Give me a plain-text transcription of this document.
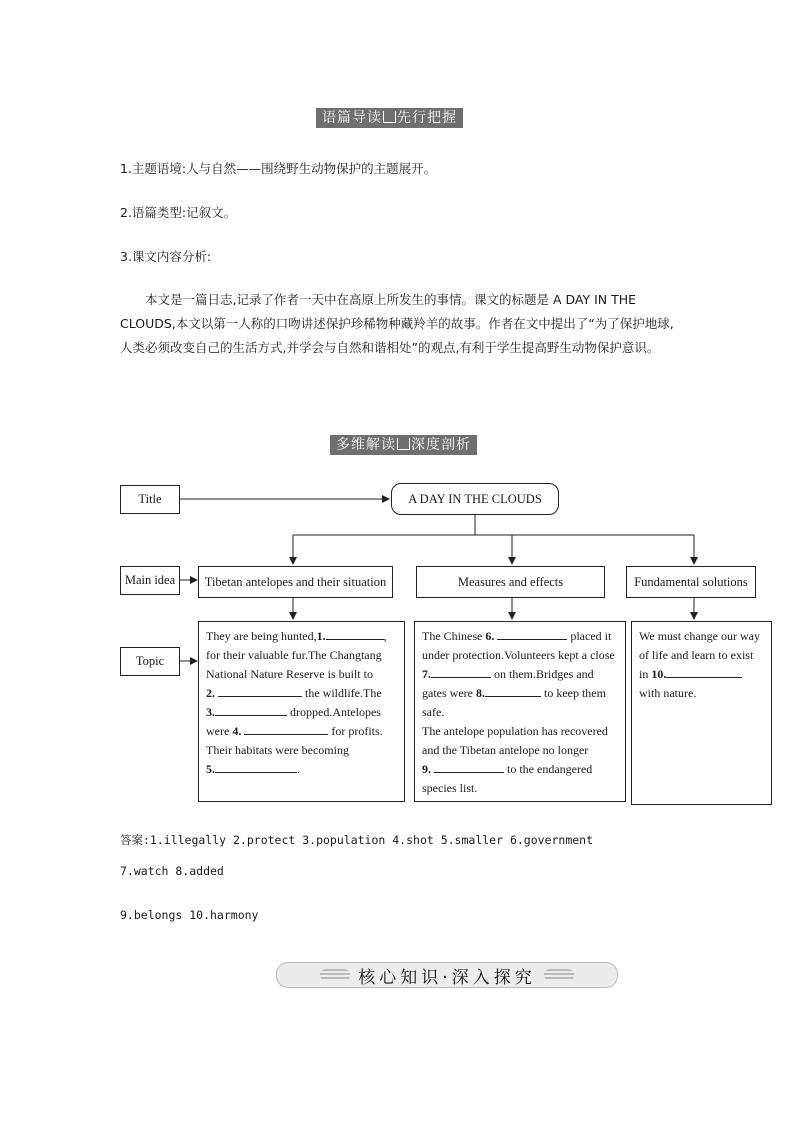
语篇导读 先行把握
1.主题语境:人与自然——围绕野生动物保护的主题展开。
2.语篇类型:记叙文。
3.课文内容分析:
本文是一篇日志,记录了作者一天中在高原上所发生的事情。课文的标题是 A DAY IN THE CLOUDS,本文以第一人称的口吻讲述保护珍稀物种藏羚羊的故事。作者在文中提出了“为了保护地球,人类必须改变自己的生活方式,并学会与自然和谐相处”的观点,有利于学生提高野生动物保护意识。
多维解读 深度剖析
Title	A DAY IN THE CLOUDS
Main idea	Tibetan antelopes and their situation	Measures and effects	Fundamental solutions
Topic
They are being hunted,1.	, for their valuable fur.The Changtang National Nature Reserve is built to
2.	the wildlife.The
3.	dropped.Antelopes were 4.	for profits. Their habitats were becoming
5.	.
The Chinese 6.	placed it under protection.Volunteers kept a close 7.	on them.Bridges and gates were 8.	to keep them safe.
The antelope population has recovered and the Tibetan antelope no longer
9.	to the endangered species list.
We must change our way of life and learn to exist in 10.
with nature.
答案:1.illegally 2.protect 3.population 4.shot 5.smaller 6.government
7.watch 8.added
9.belongs 10.harmony
核心知识·深入探究
